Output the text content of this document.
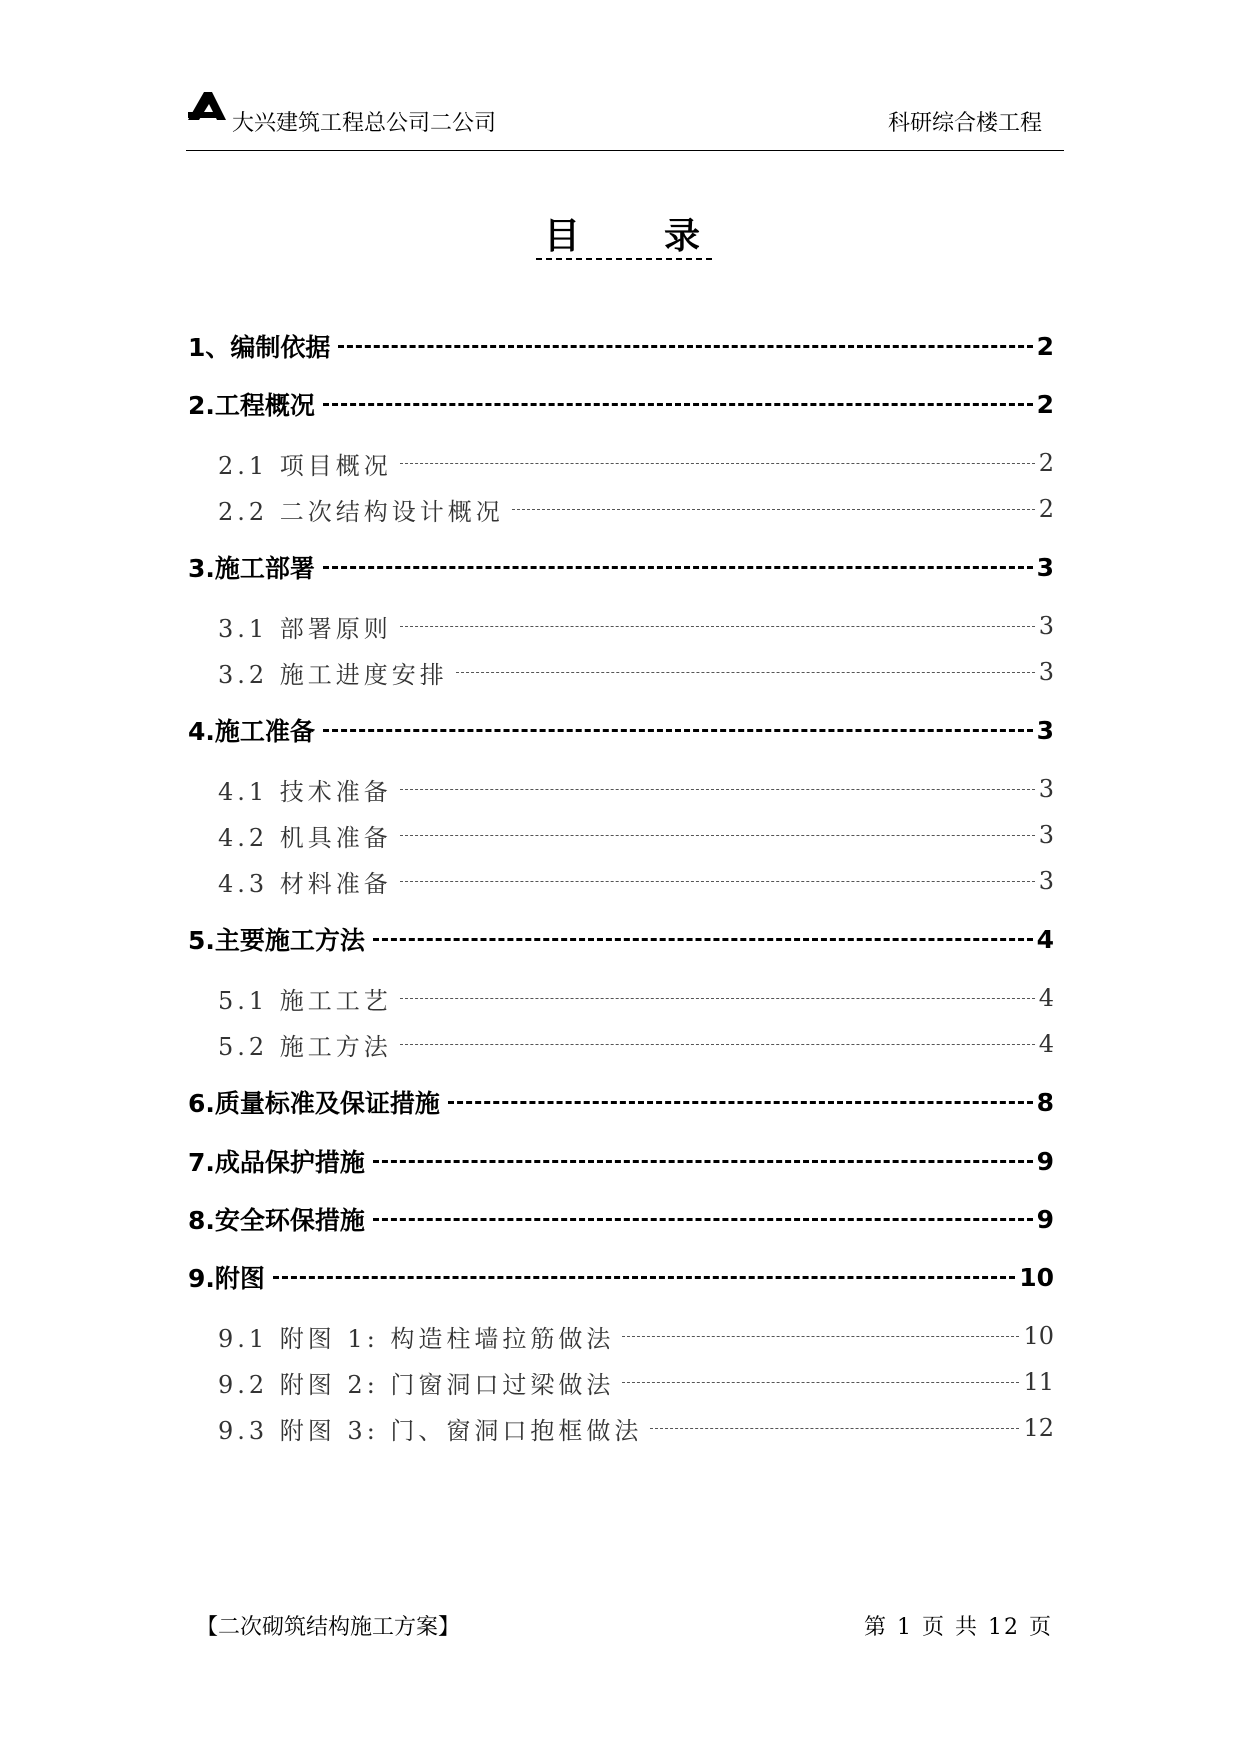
大兴建筑工程总公司二公司	科研综合楼工程
目 录
1、编制依据	2
2.工程概况	2
2.1 项目概况	2
2.2 二次结构设计概况	2
3.施工部署	3
3.1 部署原则	3
3.2 施工进度安排	3
4.施工准备	3
4.1 技术准备	3
4.2 机具准备	3
4.3 材料准备	3
5.主要施工方法	4
5.1 施工工艺	4
5.2 施工方法	4
6.质量标准及保证措施	8
7.成品保护措施	9
8.安全环保措施	9
9.附图	10
9.1 附图 1: 构造柱墙拉筋做法	10
9.2 附图 2: 门窗洞口过梁做法	11
9.3 附图 3: 门、窗洞口抱框做法	12
【二次砌筑结构施工方案】	第 1 页 共 12 页
